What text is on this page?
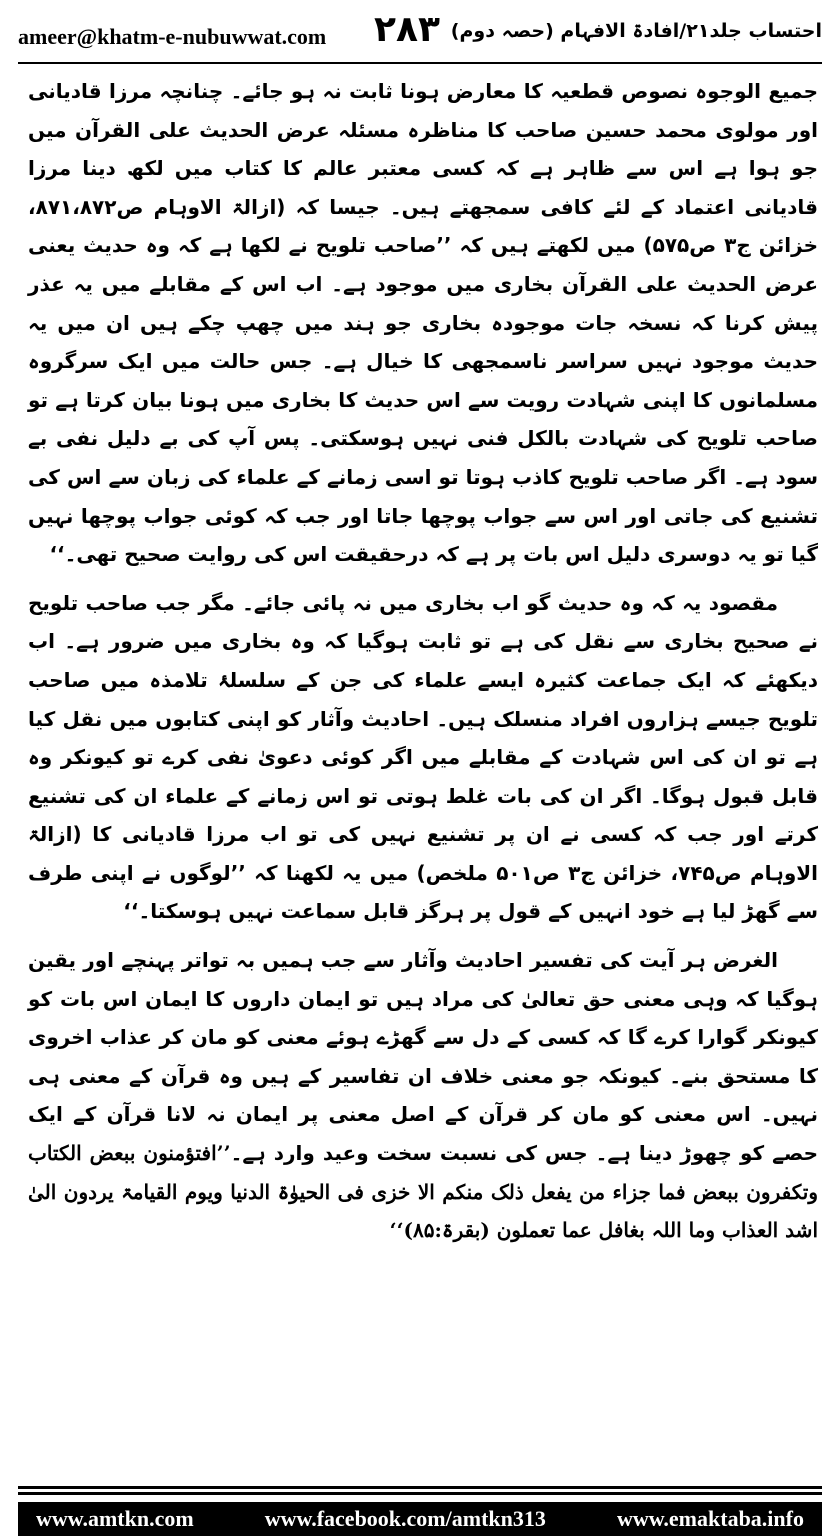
ameer@khatm-e-nubuwwat.com ۲۸۳ احتساب جلد۲۱/افادۃ الافہام (حصہ دوم)

جمیع الوجوہ نصوص قطعیہ کا معارض ہونا ثابت نہ ہو جائے۔ چنانچہ مرزا قادیانی اور مولوی محمد حسین صاحب کا مناظرہ مسئلہ عرض الحدیث علی القرآن میں جو ہوا ہے اس سے ظاہر ہے کہ کسی معتبر عالم کا کتاب میں لکھ دینا مرزا قادیانی اعتماد کے لئے کافی سمجھتے ہیں۔ جیسا کہ (ازالۃ الاوہام ص۸۷۱،۸۷۲، خزائن ج۳ ص۵۷۵) میں لکھتے ہیں کہ ’’صاحب تلویح نے لکھا ہے کہ وہ حدیث یعنی عرض الحدیث علی القرآن بخاری میں موجود ہے۔ اب اس کے مقابلے میں یہ عذر پیش کرنا کہ نسخہ جات موجودہ بخاری جو ہند میں چھپ چکے ہیں ان میں یہ حدیث موجود نہیں سراسر ناسمجھی کا خیال ہے۔ جس حالت میں ایک سرگروہ مسلمانوں کا اپنی شہادت رویت سے اس حدیث کا بخاری میں ہونا بیان کرتا ہے تو صاحب تلویح کی شہادت بالکل فنی نہیں ہوسکتی۔ پس آپ کی بے دلیل نفی بے سود ہے۔ اگر صاحب تلویح کاذب ہوتا تو اسی زمانے کے علماء کی زبان سے اس کی تشنیع کی جاتی اور اس سے جواب پوچھا جاتا اور جب کہ کوئی جواب پوچھا نہیں گیا تو یہ دوسری دلیل اس بات پر ہے کہ درحقیقت اس کی روایت صحیح تھی۔‘‘

مقصود یہ کہ وہ حدیث گو اب بخاری میں نہ پائی جائے۔ مگر جب صاحب تلویح نے صحیح بخاری سے نقل کی ہے تو ثابت ہوگیا کہ وہ بخاری میں ضرور ہے۔ اب دیکھئے کہ ایک جماعت کثیرہ ایسے علماء کی جن کے سلسلۂ تلامذہ میں صاحب تلویح جیسے ہزاروں افراد منسلک ہیں۔ احادیث وآثار کو اپنی کتابوں میں نقل کیا ہے تو ان کی اس شہادت کے مقابلے میں اگر کوئی دعویٰ نفی کرے تو کیونکر وہ قابل قبول ہوگا۔ اگر ان کی بات غلط ہوتی تو اس زمانے کے علماء ان کی تشنیع کرتے اور جب کہ کسی نے ان پر تشنیع نہیں کی تو اب مرزا قادیانی کا (ازالۃ الاوہام ص۷۴۵، خزائن ج۳ ص۵۰۱ ملخص) میں یہ لکھنا کہ ’’لوگوں نے اپنی طرف سے گھڑ لیا ہے خود انہیں کے قول پر ہرگز قابل سماعت نہیں ہوسکتا۔‘‘

الغرض ہر آیت کی تفسیر احادیث وآثار سے جب ہمیں بہ تواتر پہنچے اور یقین ہوگیا کہ وہی معنی حق تعالیٰ کی مراد ہیں تو ایمان داروں کا ایمان اس بات کو کیونکر گوارا کرے گا کہ کسی کے دل سے گھڑے ہوئے معنی کو مان کر عذاب اخروی کا مستحق بنے۔ کیونکہ جو معنی خلاف ان تفاسیر کے ہیں وہ قرآن کے معنی ہی نہیں۔ اس معنی کو مان کر قرآن کے اصل معنی پر ایمان نہ لانا قرآن کے ایک حصے کو چھوڑ دینا ہے۔ جس کی نسبت سخت وعید وارد ہے۔’’افتؤمنون ببعض الکتاب وتکفرون ببعض فما جزاء من یفعل ذلک منکم الا خزی فی الحیوٰۃ الدنیا ویوم القیامۃ یردون الیٰ اشد العذاب وما اللہ بغافل عما تعملون (بقرۃ:۸۵)‘‘

www.amtkn.com	www.facebook.com/amtkn313	www.emaktaba.info
